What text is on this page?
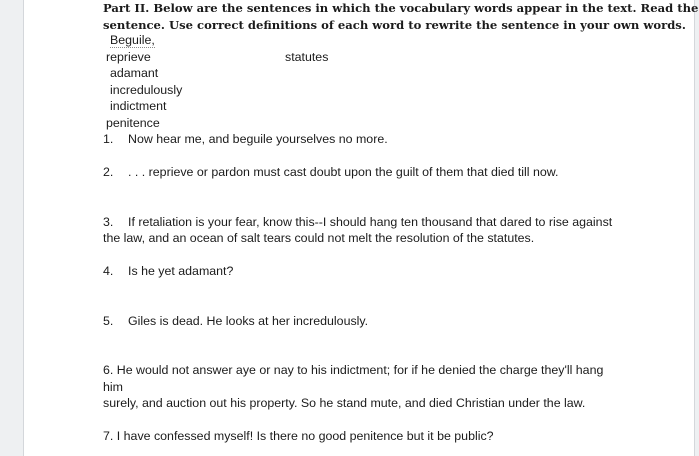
Part II. Below are the sentences in which the vocabulary words appear in the text. Read the
sentence. Use correct definitions of each word to rewrite the sentence in your own words.
Beguile,
reprieve	statutes
adamant
incredulously
indictment
penitence
1. Now hear me, and beguile yourselves no more.
2. . . . reprieve or pardon must cast doubt upon the guilt of them that died till now.
3. If retaliation is your fear, know this--I should hang ten thousand that dared to rise against
the law, and an ocean of salt tears could not melt the resolution of the statutes.
4. Is he yet adamant?
5. Giles is dead. He looks at her incredulously.
6. He would not answer aye or nay to his indictment; for if he denied the charge they'll hang
him
surely, and auction out his property. So he stand mute, and died Christian under the law.
7. I have confessed myself! Is there no good penitence but it be public?
